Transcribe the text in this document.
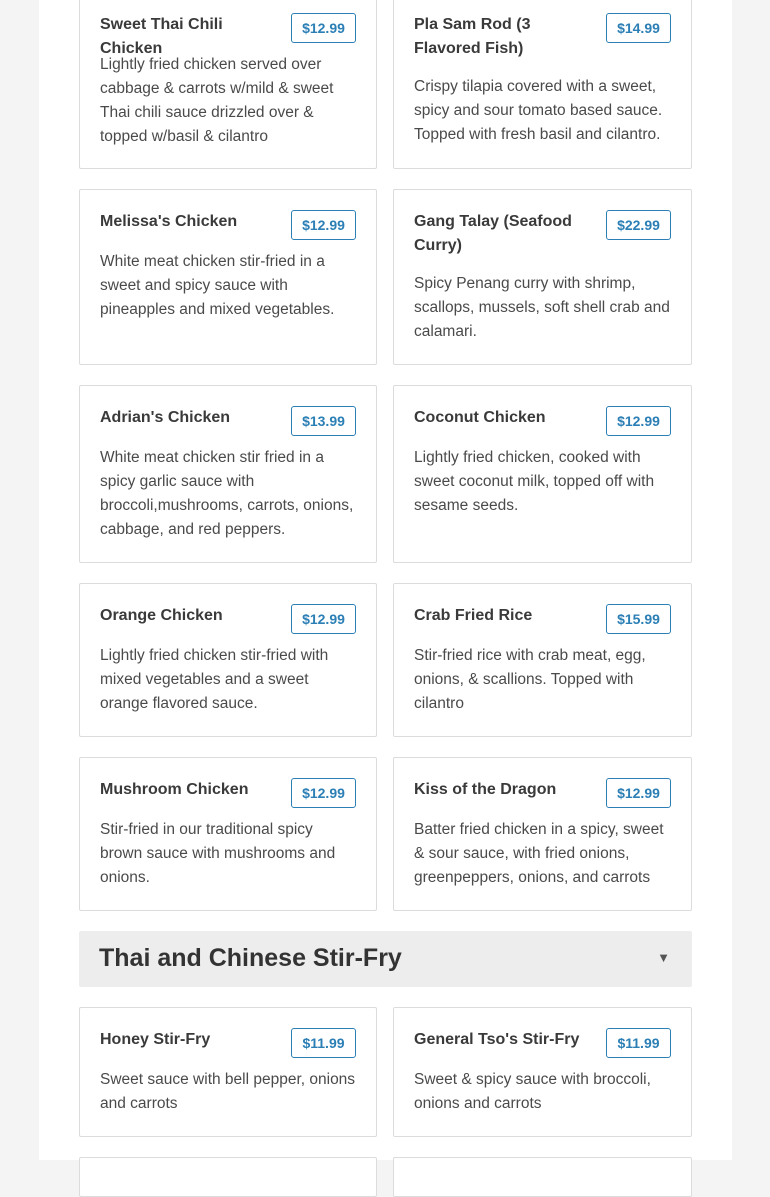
Sweet Thai Chili Chicken
$12.99
Lightly fried chicken served over cabbage & carrots w/mild & sweet Thai chili sauce drizzled over & topped w/basil & cilantro
Pla Sam Rod (3 Flavored Fish)
$14.99
Crispy tilapia covered with a sweet, spicy and sour tomato based sauce. Topped with fresh basil and cilantro.
Melissa's Chicken	$12.99
White meat chicken stir-fried in a sweet and spicy sauce with pineapples and mixed vegetables.
Gang Talay (Seafood Curry)
$22.99
Spicy Penang curry with shrimp, scallops, mussels, soft shell crab and calamari.
Adrian's Chicken	$13.99
White meat chicken stir fried in a spicy garlic sauce with broccoli,mushrooms, carrots, onions, cabbage, and red peppers.
Coconut Chicken	$12.99
Lightly fried chicken, cooked with sweet coconut milk, topped off with sesame seeds.
Orange Chicken	$12.99
Lightly fried chicken stir-fried with mixed vegetables and a sweet orange flavored sauce.
Crab Fried Rice	$15.99
Stir-fried rice with crab meat, egg, onions, & scallions. Topped with cilantro
Mushroom Chicken	$12.99
Stir-fried in our traditional spicy brown sauce with mushrooms and onions.
Kiss of the Dragon	$12.99
Batter fried chicken in a spicy, sweet & sour sauce, with fried onions, greenpeppers, onions, and carrots
Thai and Chinese Stir-Fry	▼
Honey Stir-Fry	$11.99
Sweet sauce with bell pepper, onions and carrots
General Tso's Stir-Fry	$11.99
Sweet & spicy sauce with broccoli, onions and carrots
